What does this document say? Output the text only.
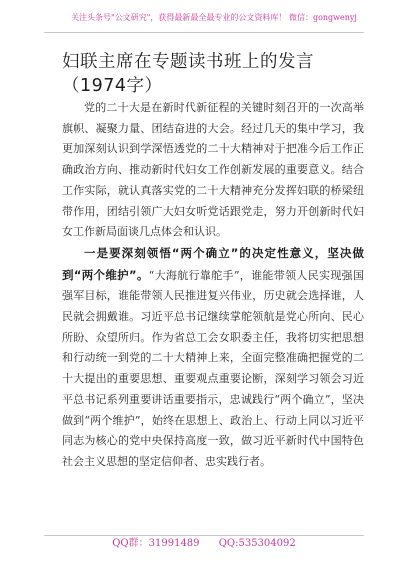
关注头条号"公文研究"，获得最新最全最专业的公文资料库！ 微信：gongwenyj
妇联主席在专题读书班上的发言（1974字）

党的二十大是在新时代新征程的关键时刻召开的一次高举旗帜、凝聚力量、团结奋进的大会。经过几天的集中学习，我更加深刻认识到学深悟透党的二十大精神对于把准今后工作正确政治方向、推动新时代妇女工作创新发展的重要意义。结合工作实际，就认真落实党的二十大精神充分发挥妇联的桥梁纽带作用，团结引领广大妇女听党话跟党走，努力开创新时代妇女工作新局面谈几点体会和认识。

一是要深刻领悟“两个确立”的决定性意义，坚决做到“两个维护”。“大海航行靠舵手”，谁能带领人民实现强国强军目标，谁能带领人民推进复兴伟业，历史就会选择谁，人民就会拥戴谁。习近平总书记继续掌舵领航是党心所向、民心所盼、众望所归。作为省总工会女职委主任，我将切实把思想和行动统一到党的二十大精神上来，全面完整准确把握党的二十大提出的重要思想、重要观点重要论断，深刻学习领会习近平总书记系列重要讲话重要指示，忠诚践行“两个确立”，坚决做到“两个维护”，始终在思想上、政治上、行动上同以习近平同志为核心的党中央保持高度一致，做习近平新时代中国特色社会主义思想的坚定信仰者、忠实践行者。

QQ群：31991489 QQ:535304092
